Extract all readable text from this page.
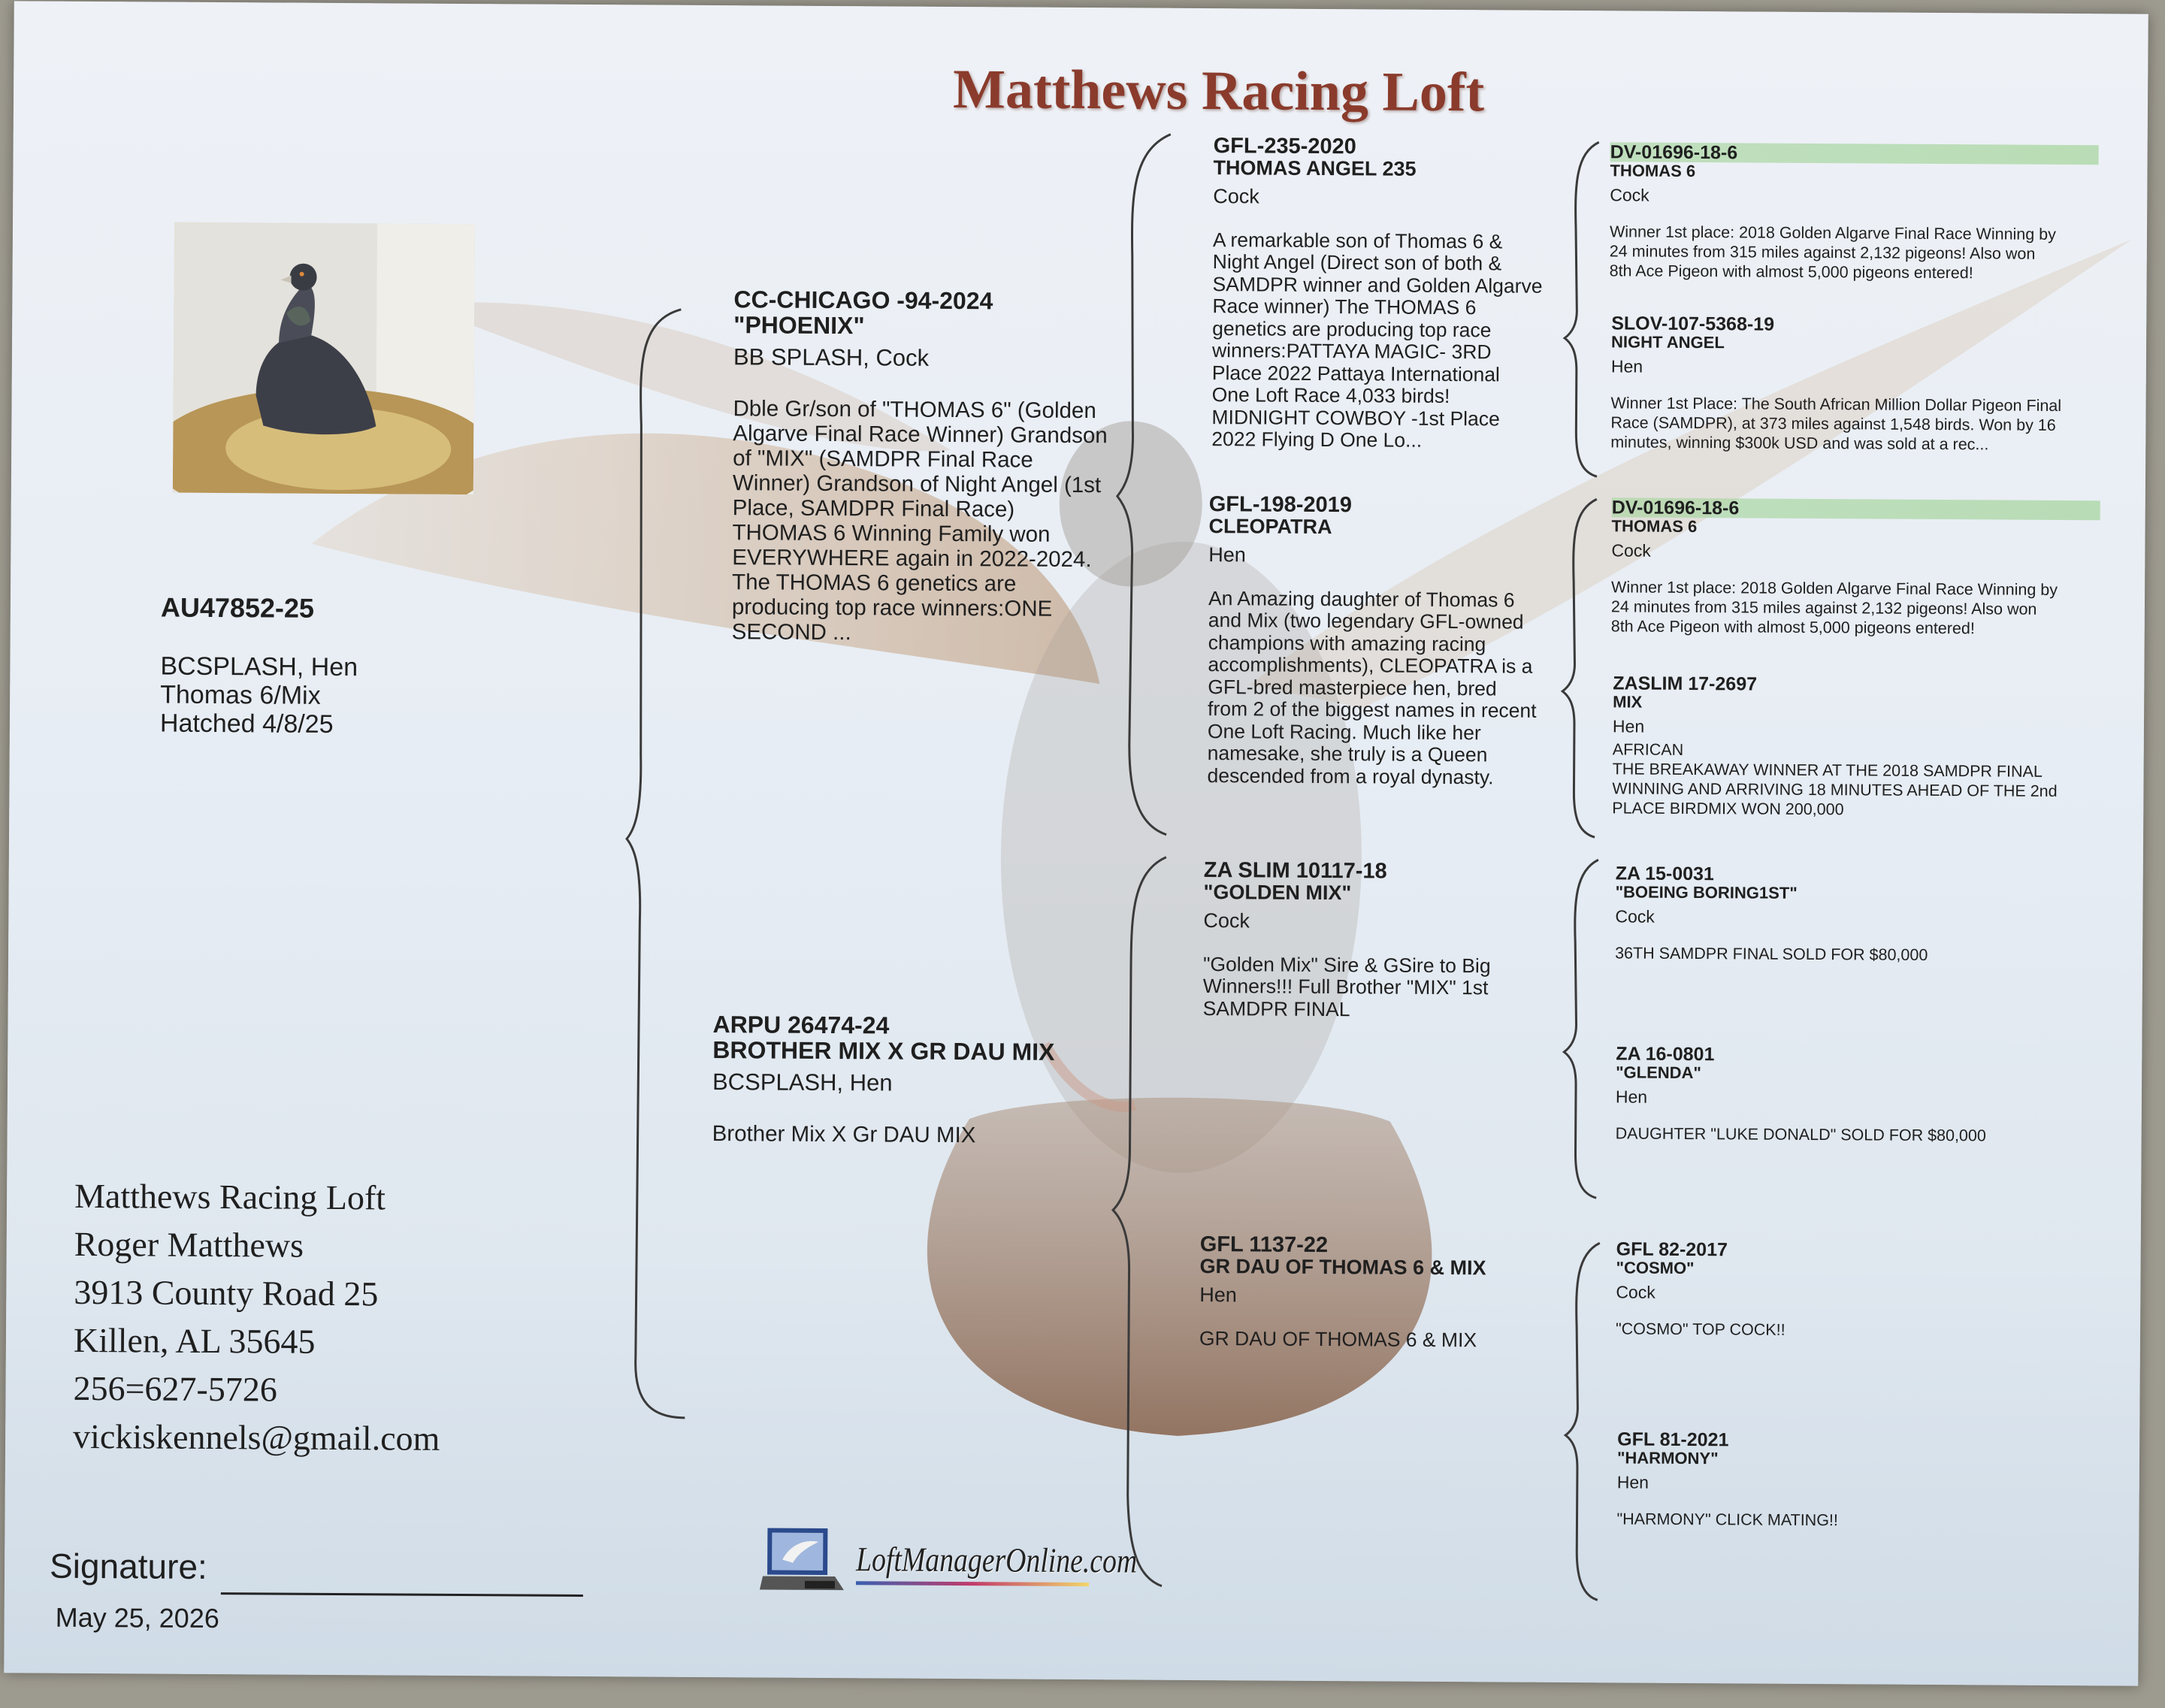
Matthews Racing Loft
AU47852-25
BCSPLASH, Hen
Thomas 6/Mix
Hatched 4/8/25
CC-CHICAGO -94-2024
"PHOENIX"
BB SPLASH, Cock
Dble Gr/son of "THOMAS 6" (Golden Algarve Final Race Winner) Grandson of "MIX" (SAMDPR Final Race Winner) Grandson of Night Angel (1st Place, SAMDPR Final Race) THOMAS 6 Winning Family won EVERYWHERE again in 2022-2024. The THOMAS 6 genetics are producing top race winners:ONE SECOND ...
ARPU 26474-24
BROTHER MIX X GR DAU MIX
BCSPLASH, Hen
Brother Mix X Gr DAU MIX
GFL-235-2020
THOMAS ANGEL 235
Cock
A remarkable son of Thomas 6 & Night Angel (Direct son of both & SAMDPR winner and Golden Algarve Race winner) The THOMAS 6 genetics are producing top race winners:PATTAYA MAGIC- 3RD Place 2022 Pattaya International One Loft Race 4,033 birds! MIDNIGHT COWBOY -1st Place 2022 Flying D One Lo...
GFL-198-2019
CLEOPATRA
Hen
An Amazing daughter of Thomas 6 and Mix (two legendary GFL-owned champions with amazing racing accomplishments), CLEOPATRA is a GFL-bred masterpiece hen, bred from 2 of the biggest names in recent One Loft Racing. Much like her namesake, she truly is a Queen descended from a royal dynasty.
ZA SLIM 10117-18
"GOLDEN MIX"
Cock
"Golden Mix" Sire & GSire to Big Winners!!! Full Brother "MIX" 1st SAMDPR FINAL
GFL 1137-22
GR DAU OF THOMAS 6 & MIX
Hen
GR DAU OF THOMAS 6 & MIX
DV-01696-18-6
THOMAS 6
Cock
Winner 1st place: 2018 Golden Algarve Final Race Winning by 24 minutes from 315 miles against 2,132 pigeons! Also won 8th Ace Pigeon with almost 5,000 pigeons entered!
SLOV-107-5368-19
NIGHT ANGEL
Hen
Winner 1st Place: The South African Million Dollar Pigeon Final Race (SAMDPR), at 373 miles against 1,548 birds. Won by 16 minutes, winning $300k USD and was sold at a rec...
DV-01696-18-6
THOMAS 6
Cock
Winner 1st place: 2018 Golden Algarve Final Race Winning by 24 minutes from 315 miles against 2,132 pigeons! Also won 8th Ace Pigeon with almost 5,000 pigeons entered!
ZASLIM 17-2697
MIX
Hen
AFRICAN
THE BREAKAWAY WINNER AT THE 2018 SAMDPR FINAL WINNING AND ARRIVING 18 MINUTES AHEAD OF THE 2nd PLACE BIRDMIX WON 200,000
ZA 15-0031
"BOEING BORING1ST"
Cock
36TH SAMDPR FINAL SOLD FOR $80,000
ZA 16-0801
"GLENDA"
Hen
DAUGHTER "LUKE DONALD" SOLD FOR $80,000
GFL 82-2017
"COSMO"
Cock
"COSMO" TOP COCK!!
GFL 81-2021
"HARMONY"
Hen
"HARMONY" CLICK MATING!!
Matthews Racing Loft
Roger Matthews
3913 County Road 25
Killen, AL 35645
256=627-5726
vickiskennels@gmail.com
Signature:
May 25, 2026
LoftManagerOnline.com
